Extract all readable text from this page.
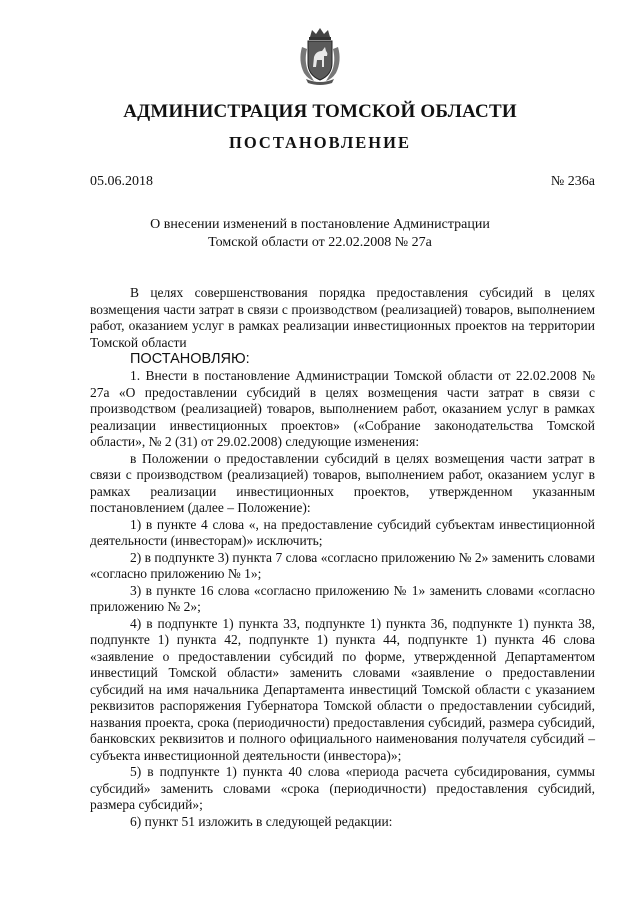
АДМИНИСТРАЦИЯ ТОМСКОЙ ОБЛАСТИ
ПОСТАНОВЛЕНИЕ
05.06.2018	№ 236а
О внесении изменений в постановление Администрации
Томской области от 22.02.2008 № 27а

В целях совершенствования порядка предоставления субсидий в целях возмещения части затрат в связи с производством (реализацией) товаров, выполнением работ, оказанием услуг в рамках реализации инвестиционных проектов на территории Томской области

ПОСТАНОВЛЯЮ:

1. Внести в постановление Администрации Томской области от 22.02.2008 № 27а «О предоставлении субсидий в целях возмещения части затрат в связи с производством (реализацией) товаров, выполнением работ, оказанием услуг в рамках реализации инвестиционных проектов» («Собрание законодательства Томской области», № 2 (31) от 29.02.2008) следующие изменения:

в Положении о предоставлении субсидий в целях возмещения части затрат в связи с производством (реализацией) товаров, выполнением работ, оказанием услуг в рамках реализации инвестиционных проектов, утвержденном указанным постановлением (далее – Положение):

1) в пункте 4 слова «, на предоставление субсидий субъектам инвестиционной деятельности (инвесторам)» исключить;

2) в подпункте 3) пункта 7 слова «согласно приложению № 2» заменить словами «согласно приложению № 1»;

3) в пункте 16 слова «согласно приложению № 1» заменить словами «согласно приложению № 2»;

4) в подпункте 1) пункта 33, подпункте 1) пункта 36, подпункте 1) пункта 38, подпункте 1) пункта 42, подпункте 1) пункта 44, подпункте 1) пункта 46 слова «заявление о предоставлении субсидий по форме, утвержденной Департаментом инвестиций Томской области» заменить словами «заявление о предоставлении субсидий на имя начальника Департамента инвестиций Томской области с указанием реквизитов распоряжения Губернатора Томской области о предоставлении субсидий, названия проекта, срока (периодичности) предоставления субсидий, размера субсидий, банковских реквизитов и полного официального наименования получателя субсидий – субъекта инвестиционной деятельности (инвестора)»;

5) в подпункте 1) пункта 40 слова «периода расчета субсидирования, суммы субсидий» заменить словами «срока (периодичности) предоставления субсидий, размера субсидий»;

6) пункт 51 изложить в следующей редакции:
